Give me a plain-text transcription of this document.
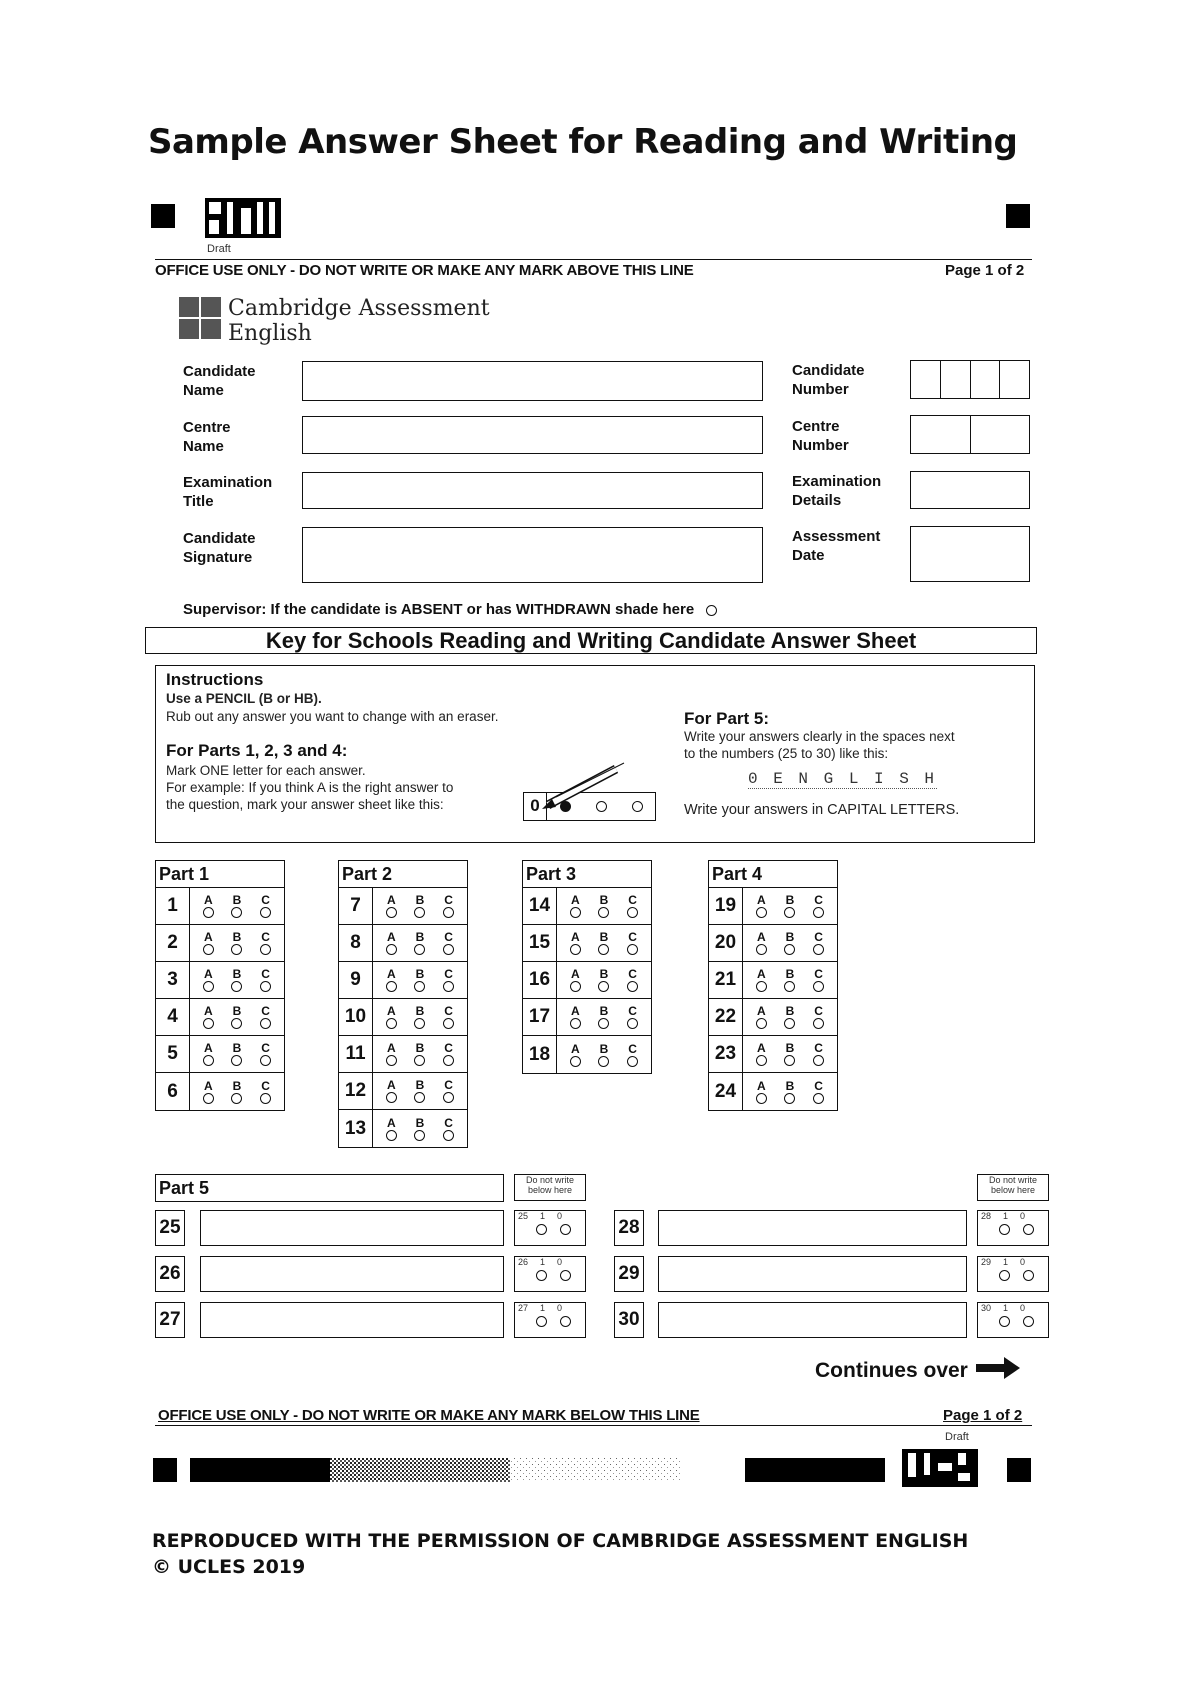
Sample Answer Sheet for Reading and Writing
Draft
OFFICE USE ONLY - DO NOT WRITE OR MAKE ANY MARK ABOVE THIS LINE	Page 1 of 2
Cambridge Assessment
English
Candidate
Name
Centre
Name
Examination
Title
Candidate
Signature
Candidate
Number
Centre
Number
Examination
Details
Assessment
Date
Supervisor: If the candidate is ABSENT or has WITHDRAWN shade here
Key for Schools Reading and Writing Candidate Answer Sheet
Instructions
Use a PENCIL (B or HB).
Rub out any answer you want to change with an eraser.
For Parts 1, 2, 3 and 4:
Mark ONE letter for each answer.
For example: If you think A is the right answer to
the question, mark your answer sheet like this:	0
For Part 5:
Write your answers clearly in the spaces next
to the numbers (25 to 30) like this:
0 E N G L I S H
Write your answers in CAPITAL LETTERS.
Part 1
1	A B C
2	A B C
3	A B C
4	A B C
5	A B C
6	A B C
Part 2
7	A B C
8	A B C
9	A B C
10	A B C
11	A B C
12	A B C
13	A B C
Part 3
14	A B C
15	A B C
16	A B C
17	A B C
18	A B C
Part 4
19	A B C
20	A B C
21	A B C
22	A B C
23	A B C
24	A B C
Part 5	Do not write below here
Do not write below here
25
25 1 0
26
26 1 0
27
27 1 0
28
28 1 0
29
29 1 0
30
30 1 0
Continues over
OFFICE USE ONLY - DO NOT WRITE OR MAKE ANY MARK BELOW THIS LINE	Page 1 of 2
Draft
REPRODUCED WITH THE PERMISSION OF CAMBRIDGE ASSESSMENT ENGLISH
© UCLES 2019
